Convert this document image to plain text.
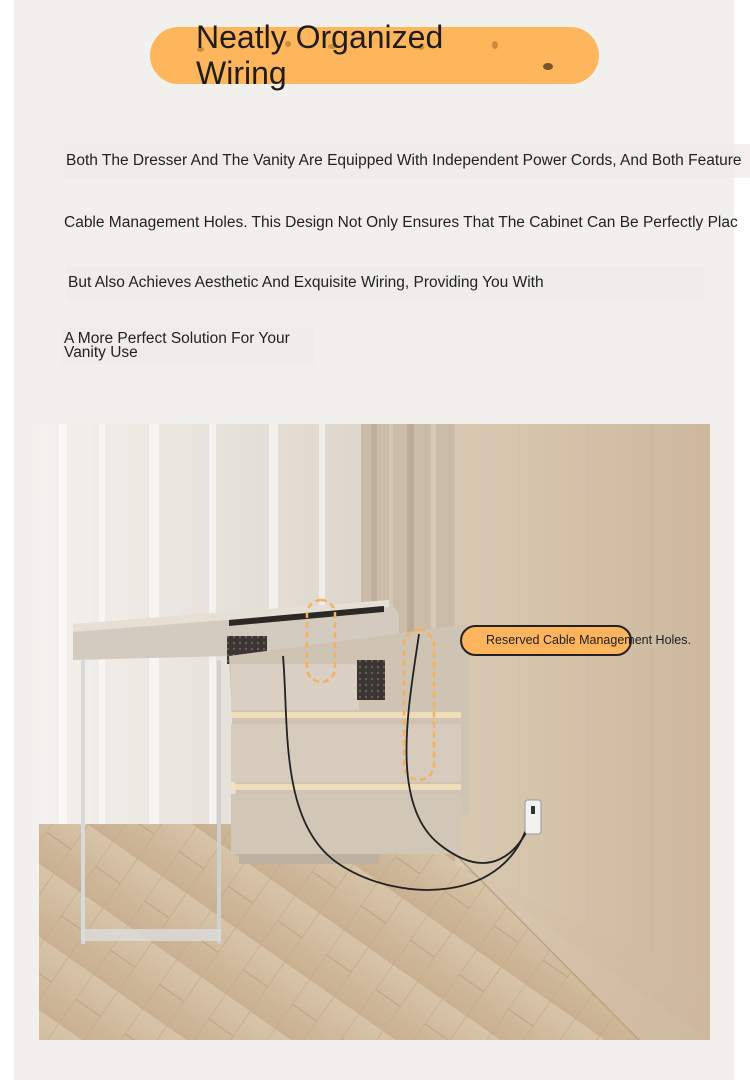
Neatly Organized
Wiring

Both The Dresser And The Vanity Are Equipped With Independent Power Cords, And Both Feature

Cable Management Holes. This Design Not Only Ensures That The Cabinet Can Be Perfectly Plac

But Also Achieves Aesthetic And Exquisite Wiring, Providing You With

A More Perfect Solution For Your
Vanity Use

Reserved Cable Management Holes.
